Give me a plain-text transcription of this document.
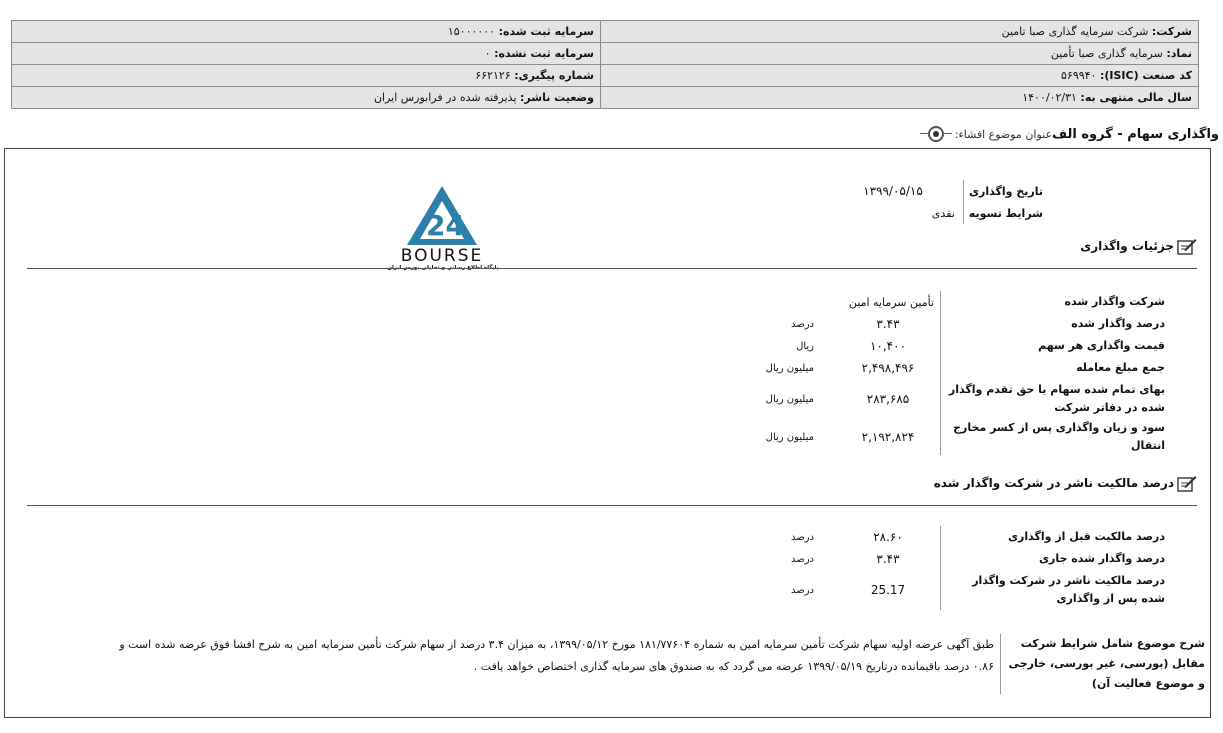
شرکت: شرکت سرمایه گذاری صبا تامین	سرمایه ثبت شده: ۱۵۰۰۰۰۰۰
نماد: سرمایه گذاری صبا تأمین	سرمایه ثبت نشده: ۰
کد صنعت (ISIC): ۵۶۹۹۴۰	شماره پیگیری: ۶۶۲۱۲۶
سال مالی منتهی به: ۱۴۰۰/۰۲/۳۱	وضعیت ناشر: پذیرفته شده در فرابورس ایران
عنوان موضوع افشاء: واگذاری سهام - گروه الف
24
BOURSE
تاریخ واگذاری	۱۳۹۹/۰۵/۱۵
شرایط تسویه	نقدی
جزئیات واگذاری
شرکت واگذار شده	تأمین سرمایه امین		
درصد واگذار شده	۳.۴۳		درصد
قیمت واگذاری هر سهم	۱۰,۴۰۰		ریال
جمع مبلغ معامله	۲,۴۹۸,۴۹۶		میلیون ریال
بهای تمام شده سهام یا حق تقدم واگذار شده در دفاتر شرکت	۲۸۳,۶۸۵		میلیون ریال
سود و زیان واگذاری پس از کسر مخارج انتقال	۲,۱۹۲,۸۲۴		میلیون ریال
درصد مالکیت ناشر در شرکت واگذار شده
درصد مالکیت قبل از واگذاری	۲۸.۶۰		درصد
درصد واگذار شده جاری	۳.۴۳		درصد
درصد مالکیت ناشر در شرکت واگذار شده پس از واگذاری	25.17		درصد
شرح موضوع شامل شرایط شرکت مقابل (بورسی، غیر بورسی، خارجی و موضوع فعالیت آن)
طبق آگهی عرضه اولیه سهام شرکت تأمین سرمایه امین به شماره ۱۸۱/۷۷۶۰۴ مورخ ۱۳۹۹/۰۵/۱۲، به میزان ۳.۴ درصد از سهام شرکت تأمین سرمایه امین به شرح افشا فوق عرضه شده است و ۰.۸۶ درصد باقیمانده درتاریخ ۱۳۹۹/۰۵/۱۹ عرضه می گردد که به صندوق های سرمایه گذاری اختصاص خواهد یافت .
